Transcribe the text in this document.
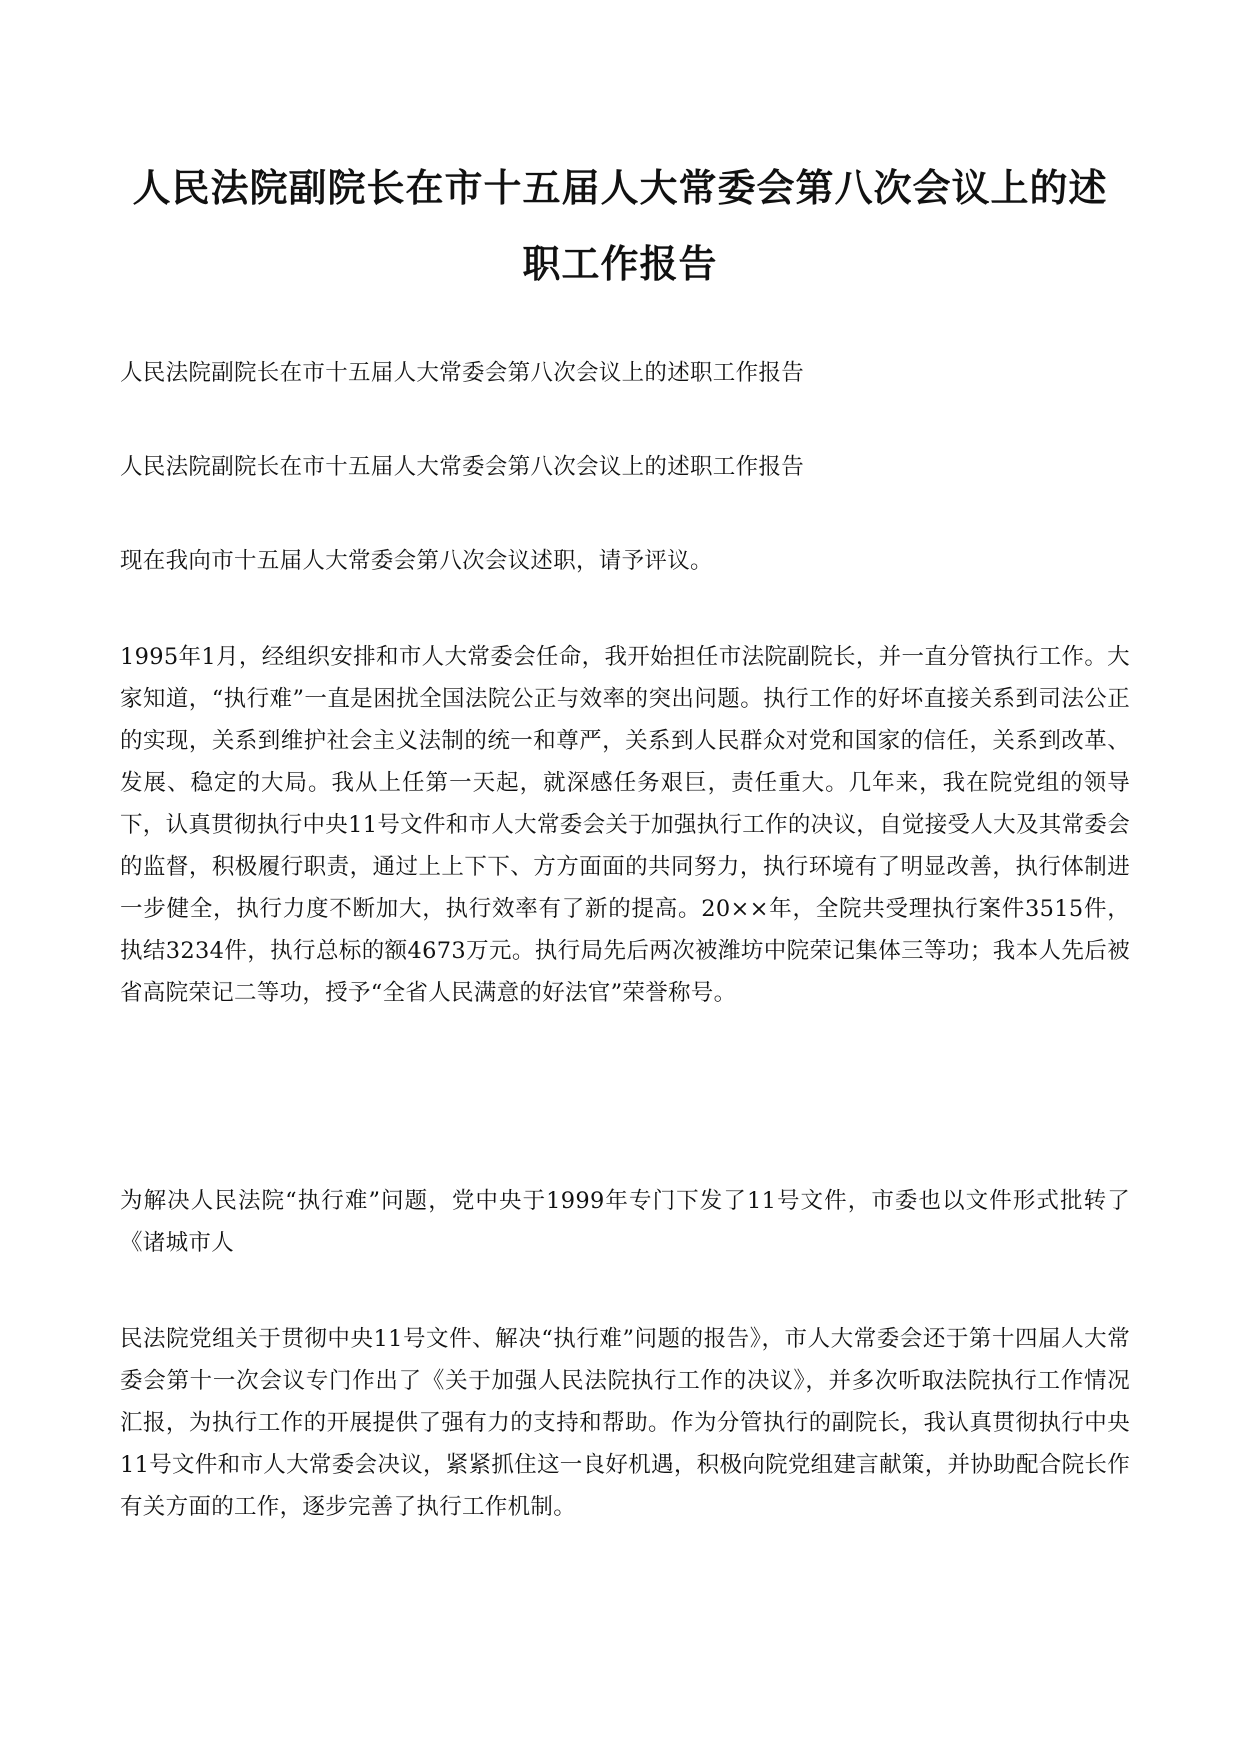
人民法院副院长在市十五届人大常委会第八次会议上的述职工作报告

人民法院副院长在市十五届人大常委会第八次会议上的述职工作报告

人民法院副院长在市十五届人大常委会第八次会议上的述职工作报告

现在我向市十五届人大常委会第八次会议述职，请予评议。

1995年1月，经组织安排和市人大常委会任命，我开始担任市法院副院长，并一直分管执行工作。大家知道，“执行难”一直是困扰全国法院公正与效率的突出问题。执行工作的好坏直接关系到司法公正的实现，关系到维护社会主义法制的统一和尊严，关系到人民群众对党和国家的信任，关系到改革、发展、稳定的大局。我从上任第一天起，就深感任务艰巨，责任重大。几年来，我在院党组的领导下，认真贯彻执行中央11号文件和市人大常委会关于加强执行工作的决议，自觉接受人大及其常委会的监督，积极履行职责，通过上上下下、方方面面的共同努力，执行环境有了明显改善，执行体制进一步健全，执行力度不断加大，执行效率有了新的提高。20××年，全院共受理执行案件3515件，执结3234件，执行总标的额4673万元。执行局先后两次被潍坊中院荣记集体三等功；我本人先后被省高院荣记二等功，授予“全省人民满意的好法官”荣誉称号。

为解决人民法院“执行难”问题，党中央于1999年专门下发了11号文件，市委也以文件形式批转了《诸城市人

民法院党组关于贯彻中央11号文件、解决“执行难”问题的报告》，市人大常委会还于第十四届人大常委会第十一次会议专门作出了《关于加强人民法院执行工作的决议》，并多次听取法院执行工作情况汇报，为执行工作的开展提供了强有力的支持和帮助。作为分管执行的副院长，我认真贯彻执行中央11号文件和市人大常委会决议，紧紧抓住这一良好机遇，积极向院党组建言献策，并协助配合院长作有关方面的工作，逐步完善了执行工作机制。
